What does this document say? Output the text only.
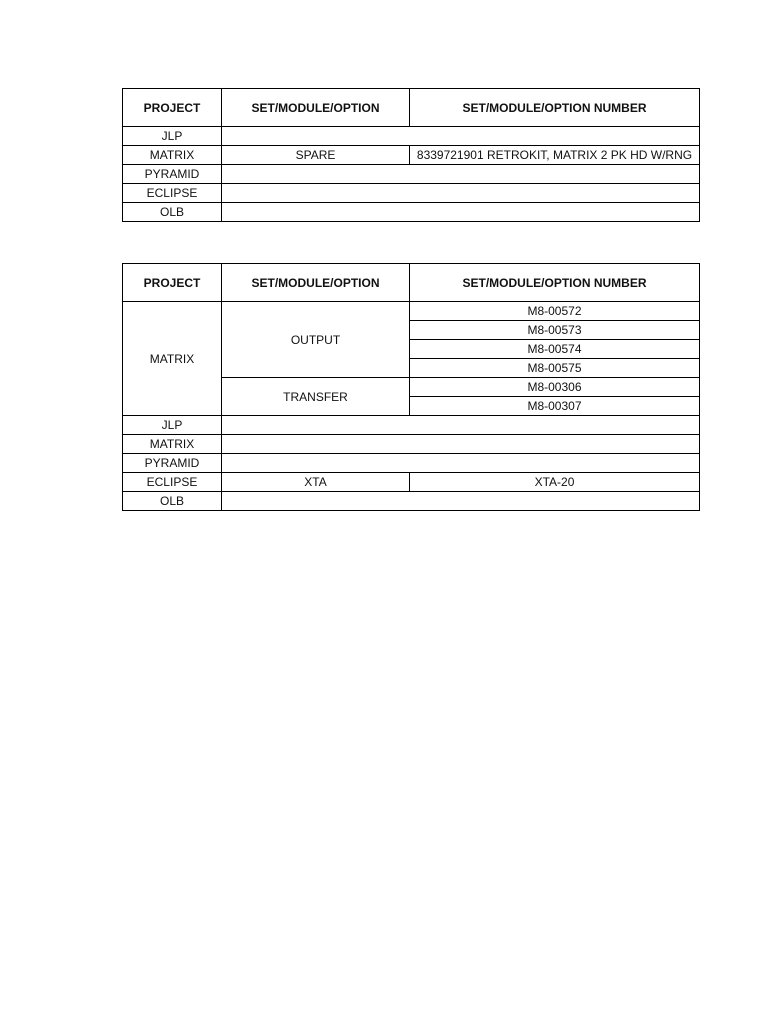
PROJECT	SET/MODULE/OPTION	SET/MODULE/OPTION NUMBER
JLP		
MATRIX	SPARE	8339721901 RETROKIT, MATRIX 2 PK HD W/RNG
PYRAMID		
ECLIPSE		
OLB		
PROJECT	SET/MODULE/OPTION	SET/MODULE/OPTION NUMBER
MATRIX	OUTPUT	M8-00572
		M8-00573
		M8-00574
		M8-00575
	TRANSFER	M8-00306
		M8-00307
JLP		
MATRIX		
PYRAMID		
ECLIPSE	XTA	XTA-20
OLB		
